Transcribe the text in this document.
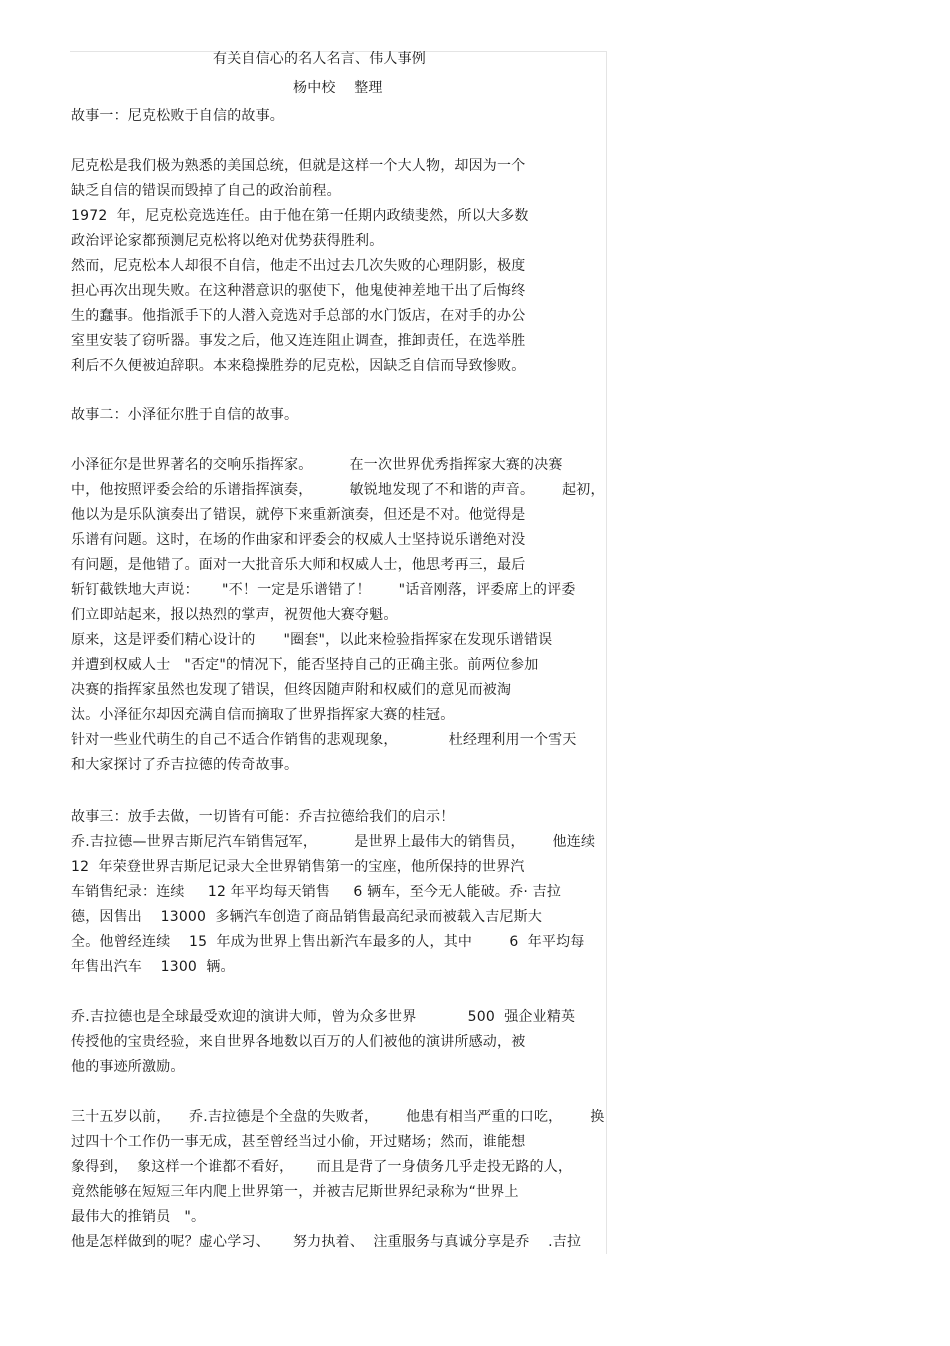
有关自信心的名人名言、伟人事例
杨中校    整理
故事一：尼克松败于自信的故事。
尼克松是我们极为熟悉的美国总统，但就是这样一个大人物，却因为一个
缺乏自信的错误而毁掉了自己的政治前程。
1972  年，尼克松竞选连任。由于他在第一任期内政绩斐然，所以大多数
政治评论家都预测尼克松将以绝对优势获得胜利。
然而，尼克松本人却很不自信，他走不出过去几次失败的心理阴影，极度
担心再次出现失败。在这种潜意识的驱使下，他鬼使神差地干出了后悔终
生的蠢事。他指派手下的人潜入竞选对手总部的水门饭店，在对手的办公
室里安装了窃听器。事发之后，他又连连阻止调查，推卸责任，在选举胜
利后不久便被迫辞职。本来稳操胜券的尼克松，因缺乏自信而导致惨败。
故事二：小泽征尔胜于自信的故事。
小泽征尔是世界著名的交响乐指挥家。        在一次世界优秀指挥家大赛的决赛
中，他按照评委会给的乐谱指挥演奏，        敏锐地发现了不和谐的声音。      起初，
他以为是乐队演奏出了错误，就停下来重新演奏，但还是不对。他觉得是
乐谱有问题。这时，在场的作曲家和评委会的权威人士坚持说乐谱绝对没
有问题，是他错了。面对一大批音乐大师和权威人士，他思考再三，最后
斩钉截铁地大声说：     "不！一定是乐谱错了！      "话音刚落，评委席上的评委
们立即站起来，报以热烈的掌声，祝贺他大赛夺魁。
原来，这是评委们精心设计的      "圈套"，以此来检验指挥家在发现乐谱错误
并遭到权威人士   "否定"的情况下，能否坚持自己的正确主张。前两位参加
决赛的指挥家虽然也发现了错误，但终因随声附和权威们的意见而被淘
汰。小泽征尔却因充满自信而摘取了世界指挥家大赛的桂冠。
针对一些业代萌生的自己不适合作销售的悲观现象，           杜经理利用一个雪天
和大家探讨了乔吉拉德的传奇故事。
故事三：放手去做，一切皆有可能：乔吉拉德给我们的启示！
乔.吉拉德—世界吉斯尼汽车销售冠军，        是世界上最伟大的销售员，      他连续
12  年荣登世界吉斯尼记录大全世界销售第一的宝座，他所保持的世界汽
车销售纪录：连续     12 年平均每天销售     6 辆车，至今无人能破。乔· 吉拉
德，因售出    13000  多辆汽车创造了商品销售最高纪录而被载入吉尼斯大
全。他曾经连续    15  年成为世界上售出新汽车最多的人，其中        6  年平均每
年售出汽车    1300  辆。
乔.吉拉德也是全球最受欢迎的演讲大师，曾为众多世界           500  强企业精英
传授他的宝贵经验，来自世界各地数以百万的人们被他的演讲所感动，被
他的事迹所激励。
三十五岁以前，    乔.吉拉德是个全盘的失败者，      他患有相当严重的口吃，      换
过四十个工作仍一事无成，甚至曾经当过小偷，开过赌场；然而，谁能想
象得到，  象这样一个谁都不看好，     而且是背了一身债务几乎走投无路的人，
竟然能够在短短三年内爬上世界第一，并被吉尼斯世界纪录称为“世界上
最伟大的推销员   "。
他是怎样做到的呢？虚心学习、     努力执着、  注重服务与真诚分享是乔    .吉拉
